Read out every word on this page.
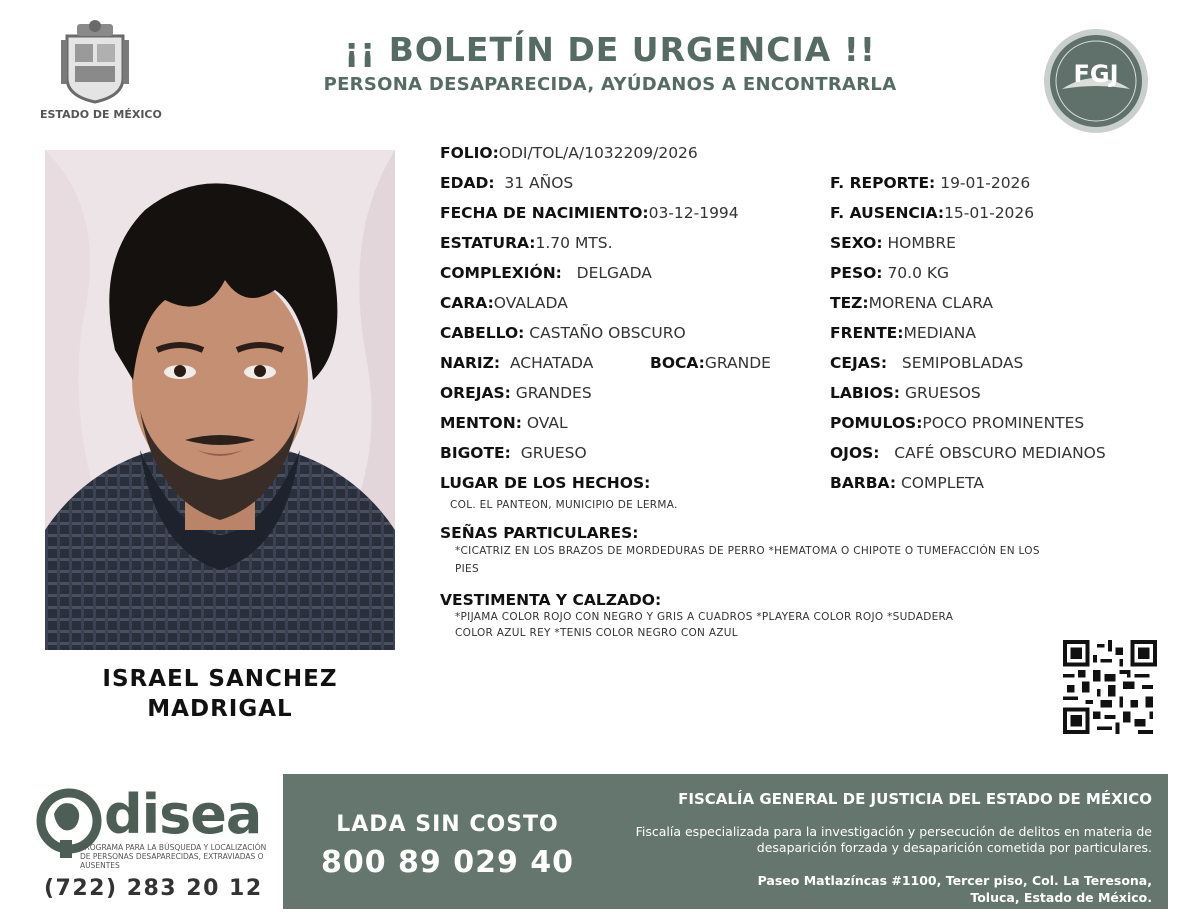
ESTADO DE MÉXICO
¡¡ BOLETÍN DE URGENCIA !!
PERSONA DESAPARECIDA, AYÚDANOS A ENCONTRARLA	FGJ
ISRAEL SANCHEZ
MADRIGAL
FOLIO:ODI/TOL/A/1032209/2026
EDAD: 31 AÑOS
FECHA DE NACIMIENTO:03-12-1994
ESTATURA:1.70 MTS.
COMPLEXIÓN: DELGADA
CARA:OVALADA
CABELLO: CASTAÑO OBSCURO
NARIZ: ACHATADA	BOCA:GRANDE
OREJAS: GRANDES
MENTON: OVAL
BIGOTE: GRUESO
F. REPORTE: 19-01-2026
F. AUSENCIA:15-01-2026
SEXO: HOMBRE
PESO: 70.0 KG
TEZ:MORENA CLARA
FRENTE:MEDIANA
CEJAS: SEMIPOBLADAS
LABIOS: GRUESOS
POMULOS:POCO PROMINENTES
OJOS: CAFÉ OBSCURO MEDIANOS
BARBA: COMPLETA
LUGAR DE LOS HECHOS:
COL. EL PANTEON, MUNICIPIO DE LERMA.
SEÑAS PARTICULARES:
*CICATRIZ EN LOS BRAZOS DE MORDEDURAS DE PERRO *HEMATOMA O CHIPOTE O TUMEFACCIÓN EN LOS
PIES
VESTIMENTA Y CALZADO:
*PIJAMA COLOR ROJO CON NEGRO Y GRIS A CUADROS *PLAYERA COLOR ROJO *SUDADERA
COLOR AZUL REY *TENIS COLOR NEGRO CON AZUL
disea
PROGRAMA PARA LA BÚSQUEDA Y LOCALIZACIÓN DE PERSONAS DESAPARECIDAS, EXTRAVIADAS O AUSENTES
(722) 283 20 12
LADA SIN COSTO
800 89 029 40
FISCALÍA GENERAL DE JUSTICIA DEL ESTADO DE MÉXICO
Fiscalía especializada para la investigación y persecución de delitos en materia de desaparición forzada y desaparición cometida por particulares.
Paseo Matlazíncas #1100, Tercer piso, Col. La Teresona,
Toluca, Estado de México.
